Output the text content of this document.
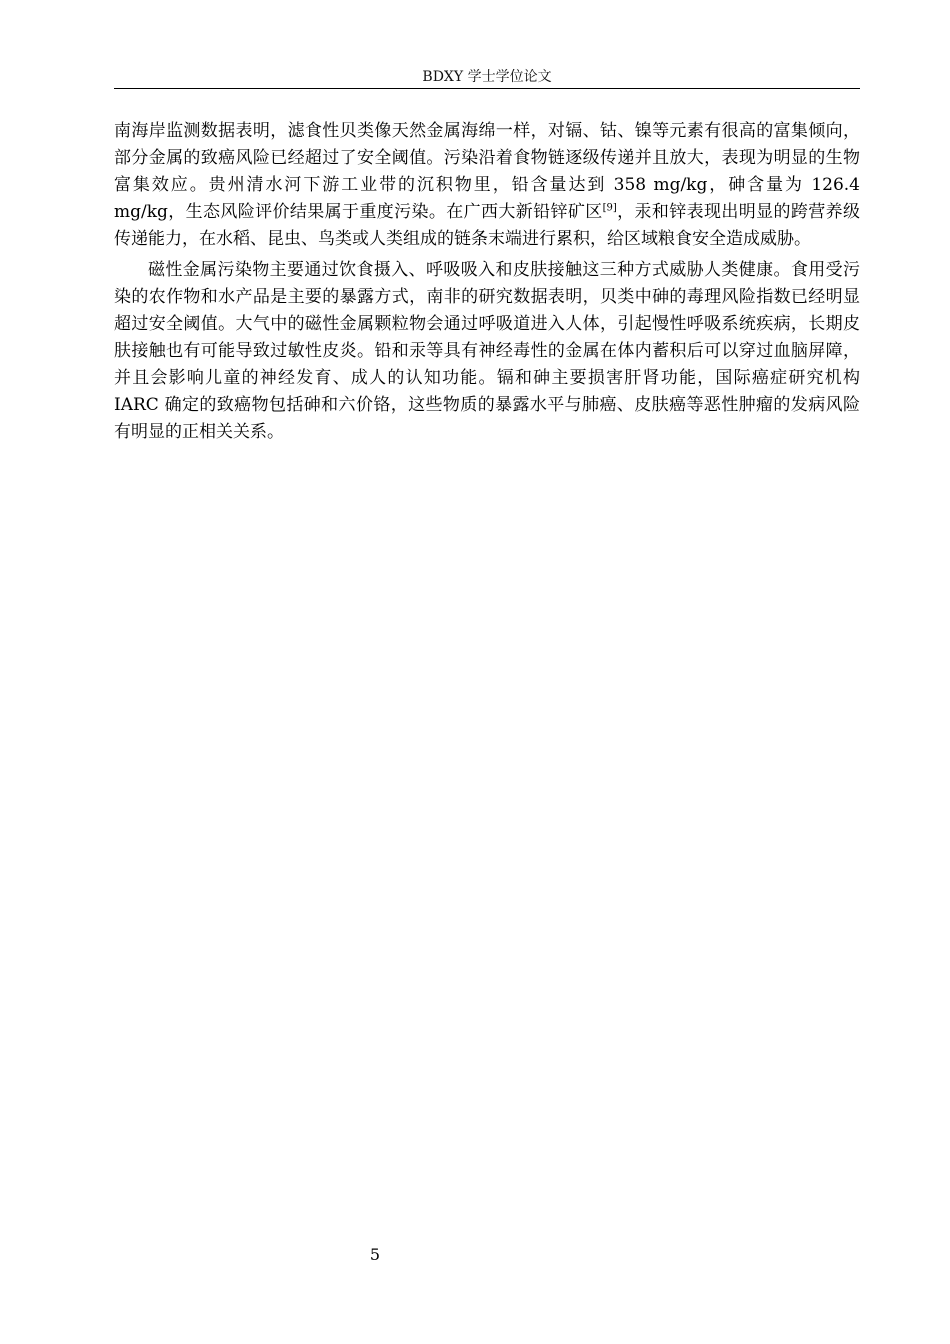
BDXY 学士学位论文

南海岸监测数据表明，滤食性贝类像天然金属海绵一样，对镉、钴、镍等元素有很高的富集倾向，部分金属的致癌风险已经超过了安全阈值。污染沿着食物链逐级传递并且放大，表现为明显的生物富集效应。贵州清水河下游工业带的沉积物里，铅含量达到 358 mg/kg，砷含量为 126.4 mg/kg，生态风险评价结果属于重度污染。在广西大新铅锌矿区[9]，汞和锌表现出明显的跨营养级传递能力，在水稻、昆虫、鸟类或人类组成的链条末端进行累积，给区域粮食安全造成威胁。

磁性金属污染物主要通过饮食摄入、呼吸吸入和皮肤接触这三种方式威胁人类健康。食用受污染的农作物和水产品是主要的暴露方式，南非的研究数据表明，贝类中砷的毒理风险指数已经明显超过安全阈值。大气中的磁性金属颗粒物会通过呼吸道进入人体，引起慢性呼吸系统疾病，长期皮肤接触也有可能导致过敏性皮炎。铅和汞等具有神经毒性的金属在体内蓄积后可以穿过血脑屏障，并且会影响儿童的神经发育、成人的认知功能。镉和砷主要损害肝肾功能，国际癌症研究机构 IARC 确定的致癌物包括砷和六价铬，这些物质的暴露水平与肺癌、皮肤癌等恶性肿瘤的发病风险有明显的正相关关系。

5
